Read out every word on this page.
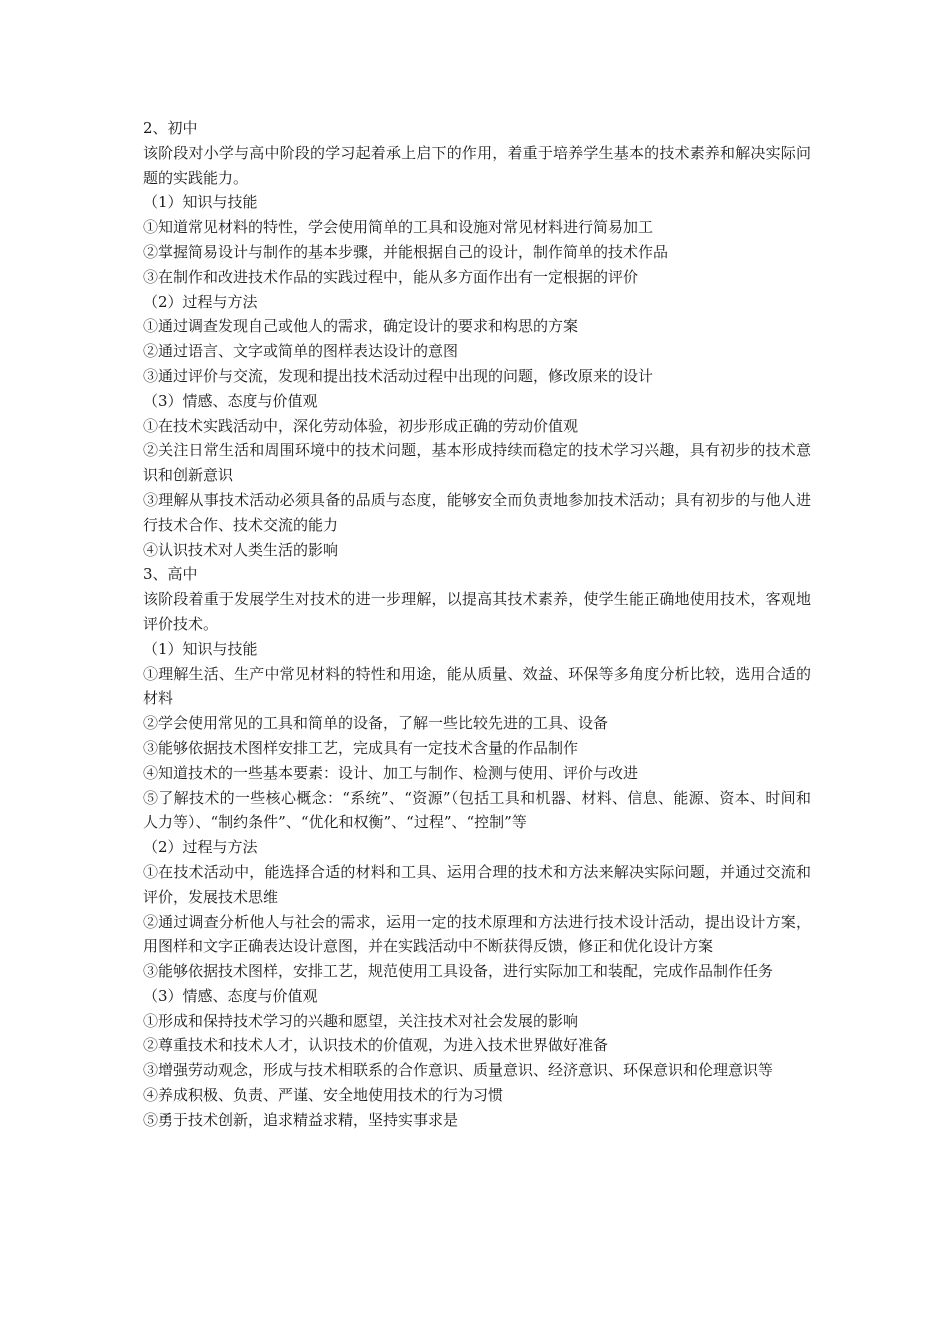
2、初中
该阶段对小学与高中阶段的学习起着承上启下的作用，着重于培养学生基本的技术素养和解决实际问题的实践能力。
（1）知识与技能
①知道常见材料的特性，学会使用简单的工具和设施对常见材料进行简易加工
②掌握简易设计与制作的基本步骤，并能根据自己的设计，制作简单的技术作品
③在制作和改进技术作品的实践过程中，能从多方面作出有一定根据的评价
（2）过程与方法
①通过调查发现自己或他人的需求，确定设计的要求和构思的方案
②通过语言、文字或简单的图样表达设计的意图
③通过评价与交流，发现和提出技术活动过程中出现的问题，修改原来的设计
（3）情感、态度与价值观
①在技术实践活动中，深化劳动体验，初步形成正确的劳动价值观
②关注日常生活和周围环境中的技术问题，基本形成持续而稳定的技术学习兴趣，具有初步的技术意识和创新意识
③理解从事技术活动必须具备的品质与态度，能够安全而负责地参加技术活动；具有初步的与他人进行技术合作、技术交流的能力
④认识技术对人类生活的影响
3、高中
该阶段着重于发展学生对技术的进一步理解，以提高其技术素养，使学生能正确地使用技术，客观地评价技术。
（1）知识与技能
①理解生活、生产中常见材料的特性和用途，能从质量、效益、环保等多角度分析比较，选用合适的材料
②学会使用常见的工具和简单的设备，了解一些比较先进的工具、设备
③能够依据技术图样安排工艺，完成具有一定技术含量的作品制作
④知道技术的一些基本要素：设计、加工与制作、检测与使用、评价与改进
⑤了解技术的一些核心概念：“系统”、“资源”（包括工具和机器、材料、信息、能源、资本、时间和人力等）、“制约条件”、“优化和权衡”、“过程”、“控制”等
（2）过程与方法
①在技术活动中，能选择合适的材料和工具、运用合理的技术和方法来解决实际问题，并通过交流和评价，发展技术思维
②通过调查分析他人与社会的需求，运用一定的技术原理和方法进行技术设计活动，提出设计方案，用图样和文字正确表达设计意图，并在实践活动中不断获得反馈，修正和优化设计方案
③能够依据技术图样，安排工艺，规范使用工具设备，进行实际加工和装配，完成作品制作任务
（3）情感、态度与价值观
①形成和保持技术学习的兴趣和愿望，关注技术对社会发展的影响
②尊重技术和技术人才，认识技术的价值观，为进入技术世界做好准备
③增强劳动观念，形成与技术相联系的合作意识、质量意识、经济意识、环保意识和伦理意识等
④养成积极、负责、严谨、安全地使用技术的行为习惯
⑤勇于技术创新，追求精益求精，坚持实事求是
